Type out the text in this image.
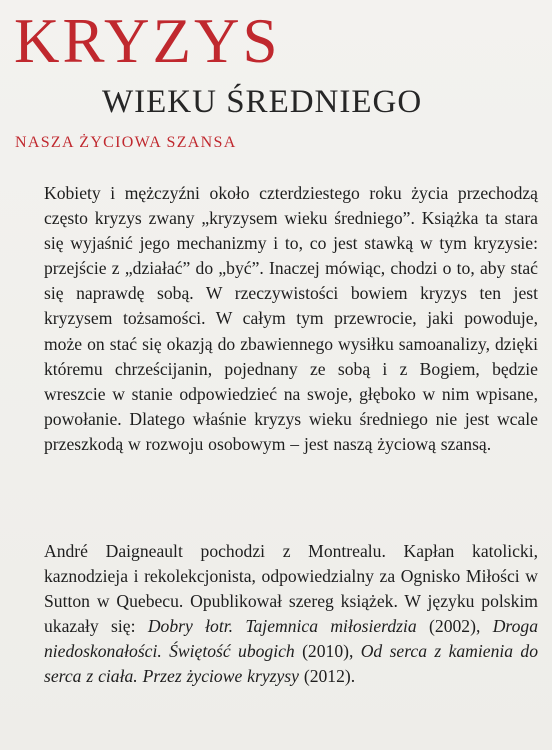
KRYZYS
WIEKU ŚREDNIEGO
NASZA ŻYCIOWA SZANSA

Kobiety i mężczyźni około czterdziestego roku życia przechodzą często kryzys zwany „kryzysem wieku średniego”. Książka ta stara się wyjaśnić jego mechanizmy i to, co jest stawką w tym kryzysie: przejście z „działać” do „być”. Inaczej mówiąc, chodzi o to, aby stać się naprawdę sobą. W rzeczywistości bowiem kryzys ten jest kryzysem tożsamości. W całym tym przewrocie, jaki powoduje, może on stać się okazją do zbawiennego wysiłku samoanalizy, dzięki któremu chrześcijanin, pojednany ze sobą i z Bogiem, będzie wreszcie w stanie odpowiedzieć na swoje, głęboko w nim wpisane, powołanie. Dlatego właśnie kryzys wieku średniego nie jest wcale przeszkodą w rozwoju osobowym – jest naszą życiową szansą.

André Daigneault pochodzi z Montrealu. Kapłan katolicki, kaznodzieja i rekolekcjonista, odpowiedzialny za Ognisko Miłości w Sutton w Quebecu. Opublikował szereg książek. W języku polskim ukazały się: Dobry łotr. Tajemnica miłosierdzia (2002), Droga niedoskonałości. Świętość ubogich (2010), Od serca z kamienia do serca z ciała. Przez życiowe kryzysy (2012).
